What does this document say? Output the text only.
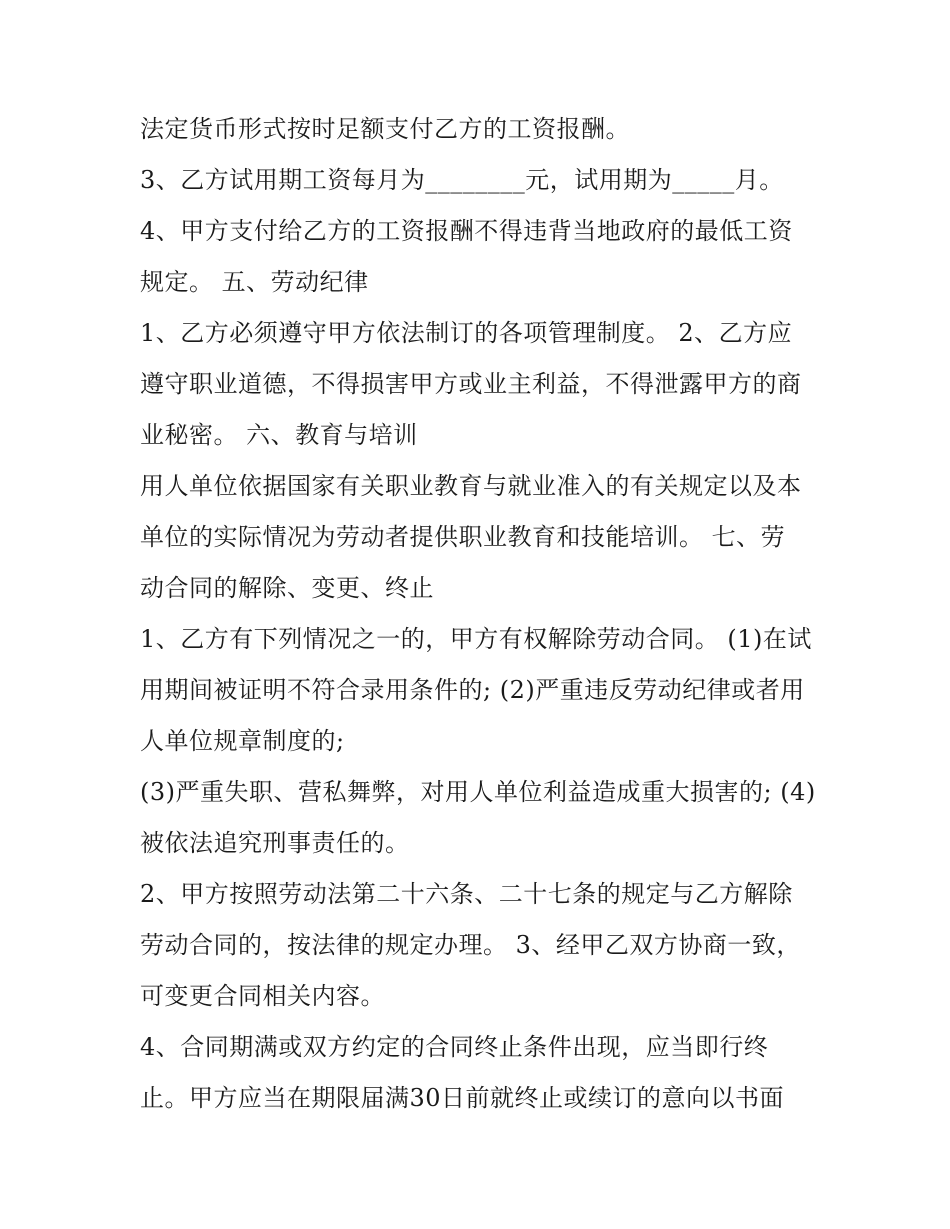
法定货币形式按时足额支付乙方的工资报酬。
3、乙方试用期工资每月为________元，试用期为_____月。
4、甲方支付给乙方的工资报酬不得违背当地政府的最低工资
规定。 五、劳动纪律
1、乙方必须遵守甲方依法制订的各项管理制度。 2、乙方应
遵守职业道德，不得损害甲方或业主利益，不得泄露甲方的商
业秘密。 六、教育与培训
用人单位依据国家有关职业教育与就业准入的有关规定以及本
单位的实际情况为劳动者提供职业教育和技能培训。 七、劳
动合同的解除、变更、终止
1、乙方有下列情况之一的，甲方有权解除劳动合同。 (1)在试
用期间被证明不符合录用条件的; (2)严重违反劳动纪律或者用
人单位规章制度的;
(3)严重失职、营私舞弊，对用人单位利益造成重大损害的; (4)
被依法追究刑事责任的。
2、甲方按照劳动法第二十六条、二十七条的规定与乙方解除
劳动合同的，按法律的规定办理。 3、经甲乙双方协商一致，
可变更合同相关内容。
4、合同期满或双方约定的合同终止条件出现，应当即行终
止。甲方应当在期限届满30日前就终止或续订的意向以书面
